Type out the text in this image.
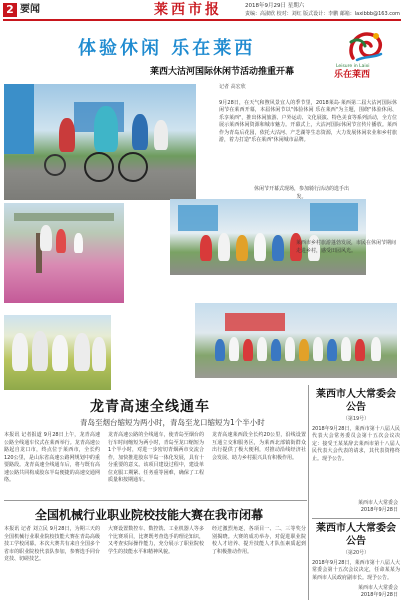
2 要闻	莱西市报	2018年9月29日 星期六
责编：高淑欣 校对：刘红 版式设计：李鹏 邮箱：laxibbb@163.com
体验休闲 乐在莱西
Leisure in Laixi
乐在莱西
莱西大沽河国际休闲节活动推重开幕
记者 高宏欣
9月28日，在天气和煦风景宜人的季节里，2018莱岛·莱西第二届大沽河国际休闲节在莱西开幕，本届休闲节以"体验休闲 乐在莱西"为主题，围绕"体验休闲、乐享莱西"，推出休闲旅游、户外运动、文化展演、特色美食等系列活动，全方位展示莱西休闲资源和城市魅力。开幕式上，大沽河国际休闲节宣传片播放。莱西作为青岛后花园，依托大沽河、产芝湖等生态资源，大力发展休闲农业和乡村旅游，着力打造"乐在莱西"休闲城市品牌。
休闲节开幕式现场，参加骑行活动的选手出发。
莱西市乡村旅游蓬勃发展，市民在休闲节期间走进乡村，感受田园风光。
龙青高速全线通车
青岛至烟台缩短为两小时，青岛至龙口缩短为1个半小时
本报讯 记者报道 9月28日上午，龙青高速公路全线通车仪式在莱西举行。龙青高速公路起自龙口市，终点位于莱西市，全长约120公里，是山东省高速公路网规划中的重要路段。龙青高速全线通车后，将与既有高速公路共同构成胶东半岛便捷的高速交通网络。
龙青高速公路的全线通车，使青岛至烟台的行车时间缩短为两小时，青岛至龙口缩短为1个半小时，对进一步密切青烟两市交流合作，加快推进胶东半岛一体化发展，具有十分重要的意义。该项目建设过程中，建设单位克服工期紧、任务重等困难，确保了工程质量和按期通车。
龙青高速莱西段全长约20公里，沿线设置互通立交和服务区，为莱西北部镇街群众出行提供了极大便利，对推动沿线经济社会发展、助力乡村振兴具有积极作用。
全国机械行业职业院校技能大赛在我市闭幕
本报讯 记者 刘立民 9月28日，为期三天的全国机械行业职业院校技能大赛在青岛高级技工学校闭幕。本次大赛共有来自全国多个省市的职业院校代表队参加，参赛选手同台竞技、切磋技艺。
大赛设置数控车、数控铣、工业机器人等多个比赛项目，比赛既考查选手的理论知识，又考查实际操作能力，充分展示了职业院校学生的技能水平和精神风貌。
经过激烈角逐，各项目一、二、三等奖分别揭晓。大赛的成功举办，对促进职业院校人才培养、提升技能人才队伍素质起到了积极推动作用。
莱西市人大常委会公告
（第19号）
2018年9月28日，莱西市第十八届人民代表大会常务委员会第十五次会议决定：接受王某某辞去莱西市第十八届人民代表大会代表的请求，其代表资格终止。现予公告。
莱西市人大常委会
2018年9月28日
莱西市人大常委会公告
（第20号）
2018年9月28日，莱西市第十八届人大常委会第十五次会议决定，任命某某为莱西市人民政府副市长。现予公告。
莱西市人大常委会
2018年9月28日
